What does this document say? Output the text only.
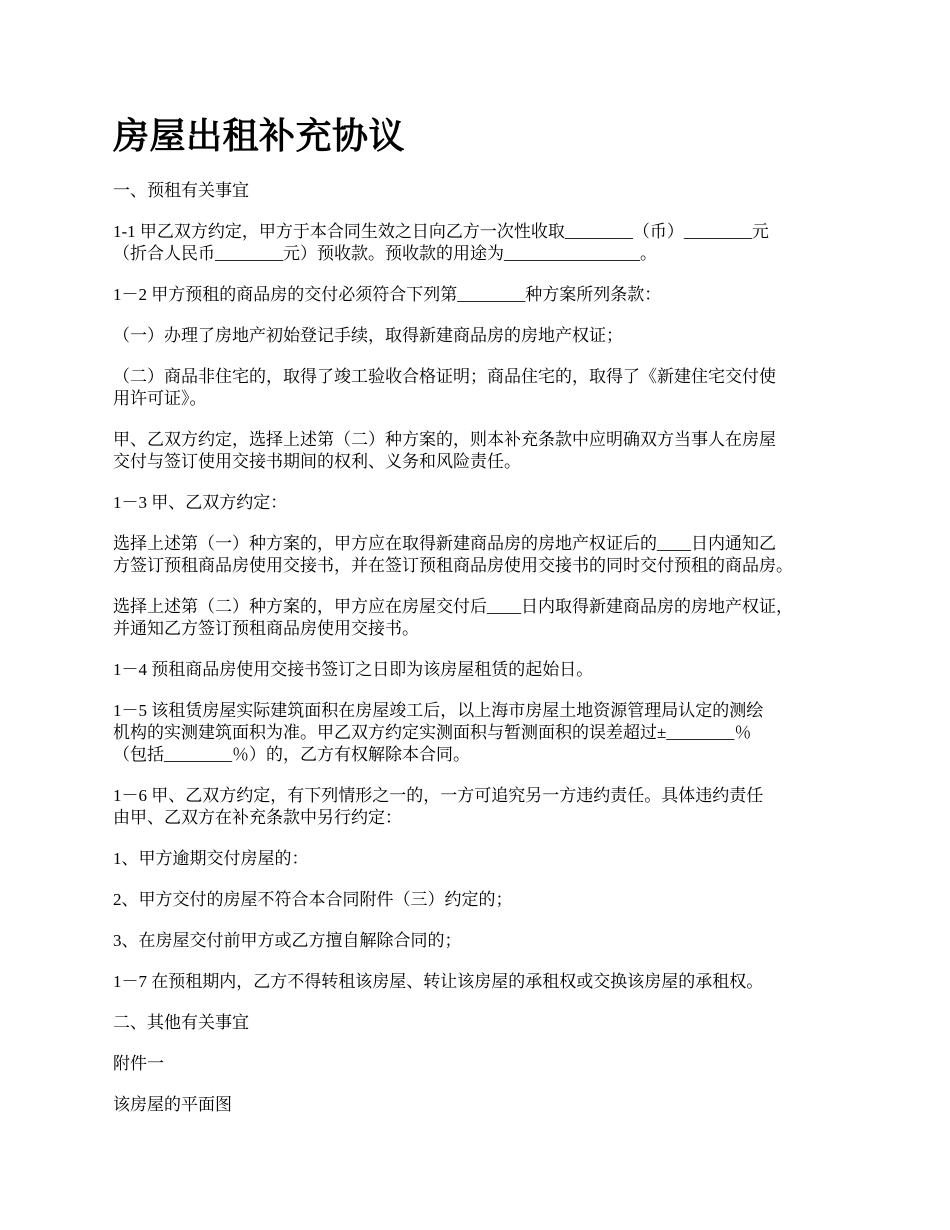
房屋出租补充协议

一、预租有关事宜

1-1 甲乙双方约定，甲方于本合同生效之日向乙方一次性收取________（币）________元
（折合人民币________元）预收款。预收款的用途为________________。

1－2 甲方预租的商品房的交付必须符合下列第________种方案所列条款：

（一）办理了房地产初始登记手续，取得新建商品房的房地产权证；

（二）商品非住宅的，取得了竣工验收合格证明；商品住宅的，取得了《新建住宅交付使
用许可证》。

甲、乙双方约定，选择上述第（二）种方案的，则本补充条款中应明确双方当事人在房屋
交付与签订使用交接书期间的权利、义务和风险责任。

1－3 甲、乙双方约定：

选择上述第（一）种方案的，甲方应在取得新建商品房的房地产权证后的____日内通知乙
方签订预租商品房使用交接书，并在签订预租商品房使用交接书的同时交付预租的商品房。

选择上述第（二）种方案的，甲方应在房屋交付后____日内取得新建商品房的房地产权证，
并通知乙方签订预租商品房使用交接书。

1－4 预租商品房使用交接书签订之日即为该房屋租赁的起始日。

1－5 该租赁房屋实际建筑面积在房屋竣工后，以上海市房屋土地资源管理局认定的测绘
机构的实测建筑面积为准。甲乙双方约定实测面积与暂测面积的误差超过±________％
（包括________％）的，乙方有权解除本合同。

1－6 甲、乙双方约定，有下列情形之一的，一方可追究另一方违约责任。具体违约责任
由甲、乙双方在补充条款中另行约定：

1、甲方逾期交付房屋的：

2、甲方交付的房屋不符合本合同附件（三）约定的；

3、在房屋交付前甲方或乙方擅自解除合同的；

1－7 在预租期内，乙方不得转租该房屋、转让该房屋的承租权或交换该房屋的承租权。

二、其他有关事宜

附件一

该房屋的平面图
